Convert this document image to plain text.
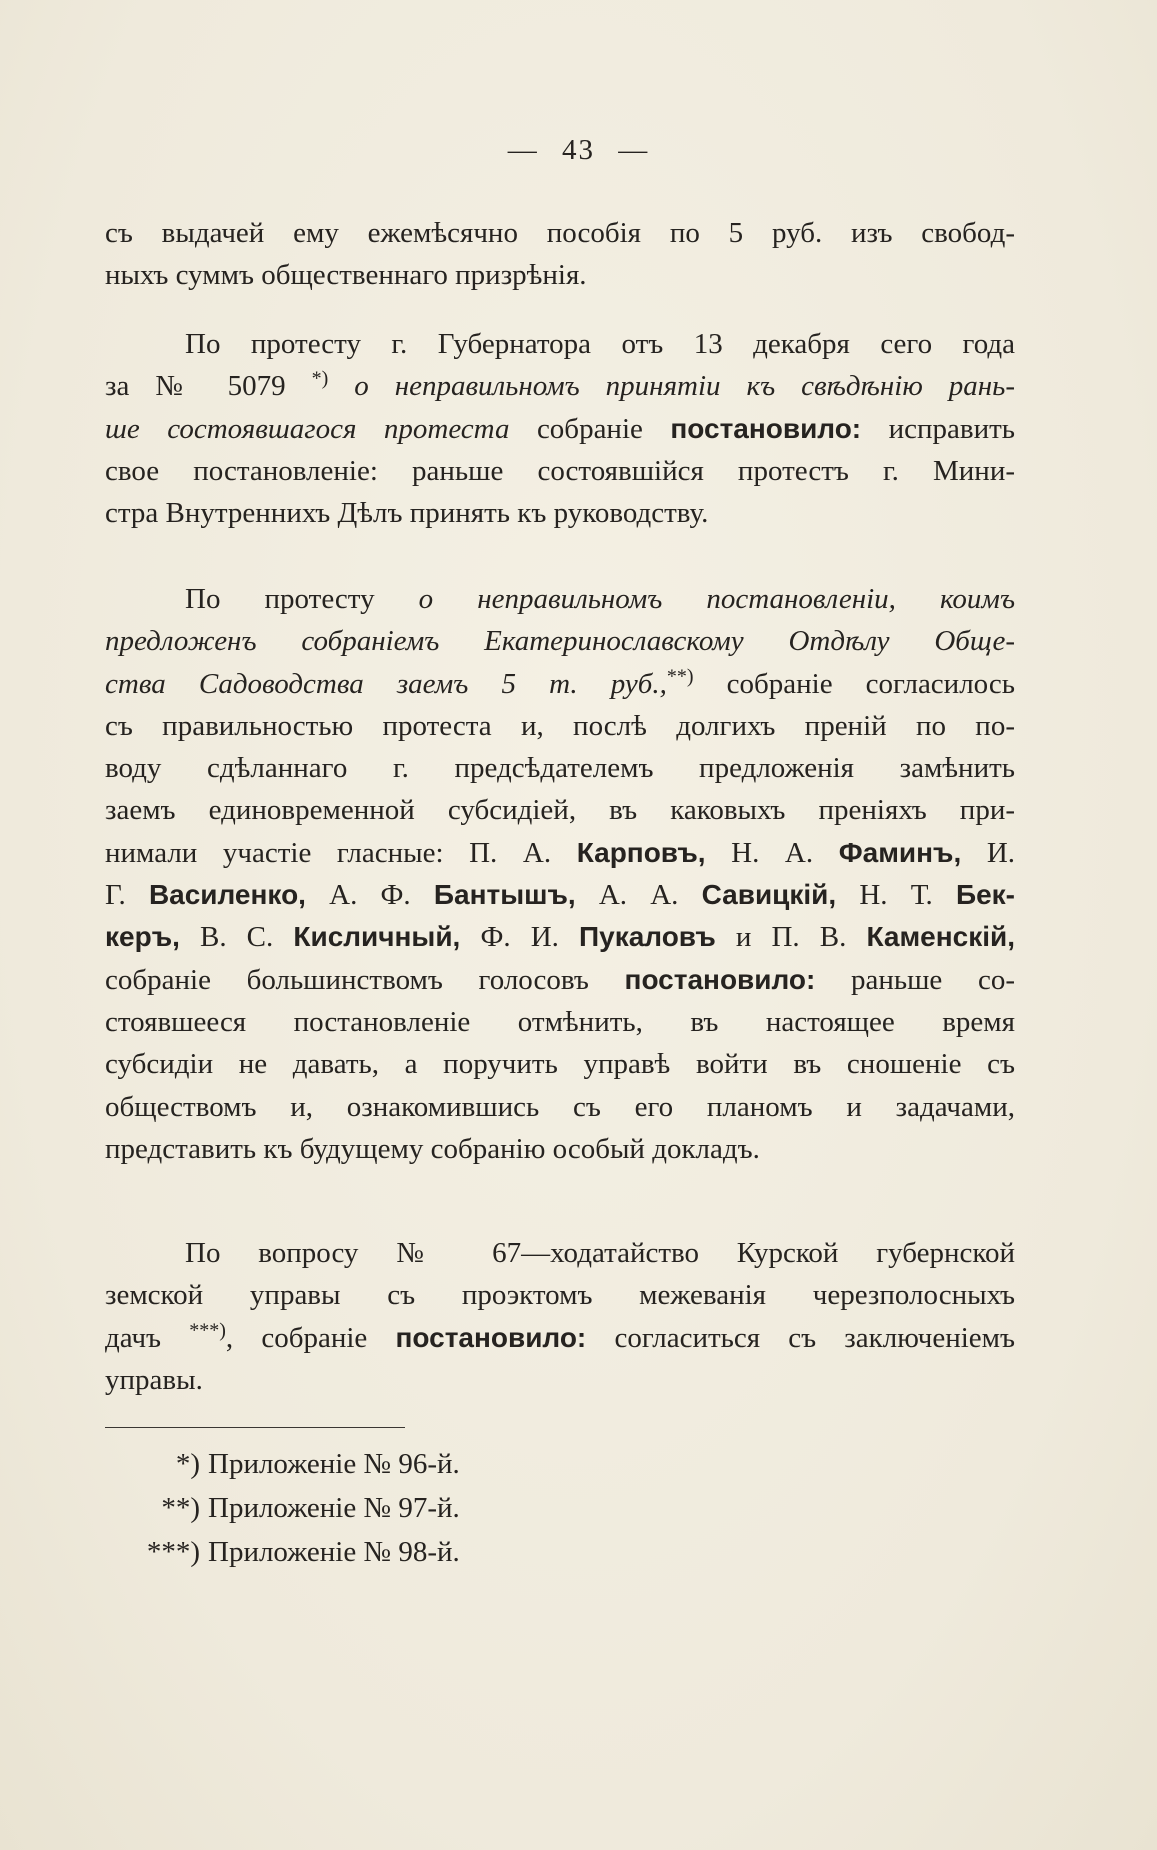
— 43 —
съ выдачей ему ежемѣсячно пособія по 5 руб. изъ свобод-
ныхъ суммъ общественнаго призрѣнія.
По протесту г. Губернатора отъ 13 декабря сего года
за № 5079 *) о неправильномъ принятіи къ свѣдѣнію рань-
ше состоявшагося протеста собраніе постановило: исправить
свое постановленіе: раньше состоявшійся протестъ г. Мини-
стра Внутреннихъ Дѣлъ принять къ руководству.
По протесту о неправильномъ постановленіи, коимъ
предложенъ собраніемъ Екатеринославскому Отдѣлу Обще-
ства Садоводства заемъ 5 т. руб.,**) собраніе согласилось
съ правильностью протеста и, послѣ долгихъ преній по по-
воду сдѣланнаго г. предсѣдателемъ предложенія замѣнить
заемъ единовременной субсидіей, въ каковыхъ преніяхъ при-
нимали участіе гласные: П. А. Карповъ, Н. А. Фаминъ, И.
Г. Василенко, А. Ф. Бантышъ, А. А. Савицкій, Н. Т. Бек-
керъ, В. С. Кисличный, Ф. И. Пукаловъ и П. В. Каменскій,
собраніе большинствомъ голосовъ постановило: раньше со-
стоявшееся постановленіе отмѣнить, въ настоящее время
субсидіи не давать, а поручить управѣ войти въ сношеніе съ
обществомъ и, ознакомившись съ его планомъ и задачами,
представить къ будущему собранію особый докладъ.
По вопросу № 67—ходатайство Курской губернской
земской управы съ проэктомъ межеванія черезполосныхъ
дачъ ***), собраніе постановило: согласиться съ заключеніемъ
управы.
*) Приложеніе № 96-й.
**) Приложеніе № 97-й.
***) Приложеніе № 98-й.
